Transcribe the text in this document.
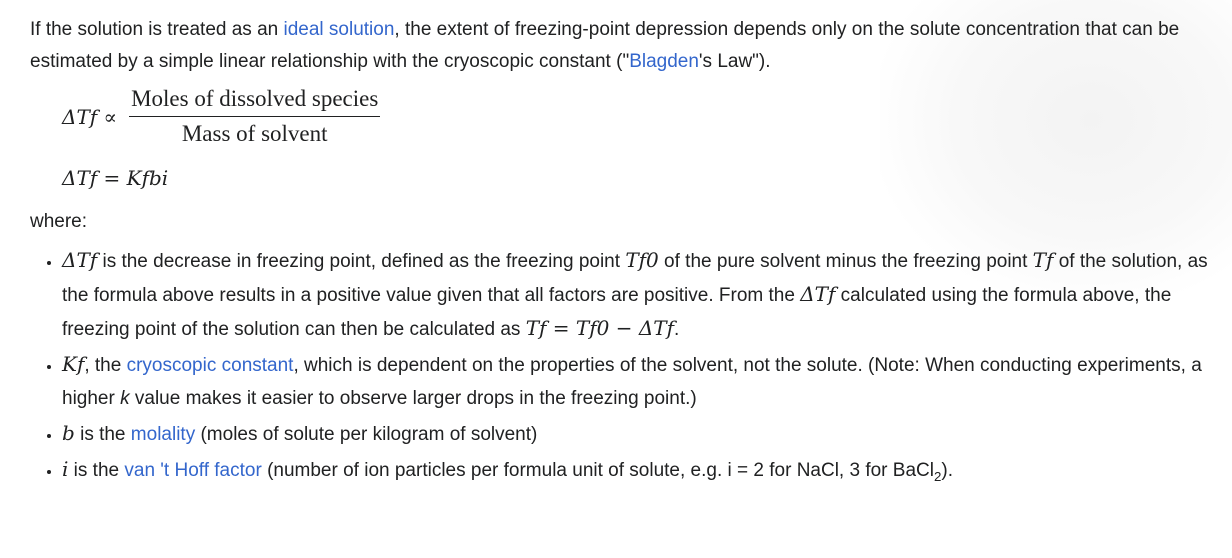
If the solution is treated as an ideal solution, the extent of freezing-point depression depends only on the solute concentration that can be estimated by a simple linear relationship with the cryoscopic constant ("Blagden's Law").

$\Delta Tf \propto \frac{\text{Moles of dissolved species}}{\text{Mass of solvent}}$
ΔTf = Kfbi

where:

• ΔTf is the decrease in freezing point, defined as the freezing point Tf0 of the pure solvent minus the freezing point Tf of the solution, as the formula above results in a positive value given that all factors are positive. From the ΔTf calculated using the formula above, the freezing point of the solution can then be calculated as Tf = Tf0 − ΔTf.
• Kf, the cryoscopic constant, which is dependent on the properties of the solvent, not the solute. (Note: When conducting experiments, a higher k value makes it easier to observe larger drops in the freezing point.)
• b is the molality (moles of solute per kilogram of solvent)
• i is the van 't Hoff factor (number of ion particles per formula unit of solute, e.g. i = 2 for NaCl, 3 for BaCl$_2$).
